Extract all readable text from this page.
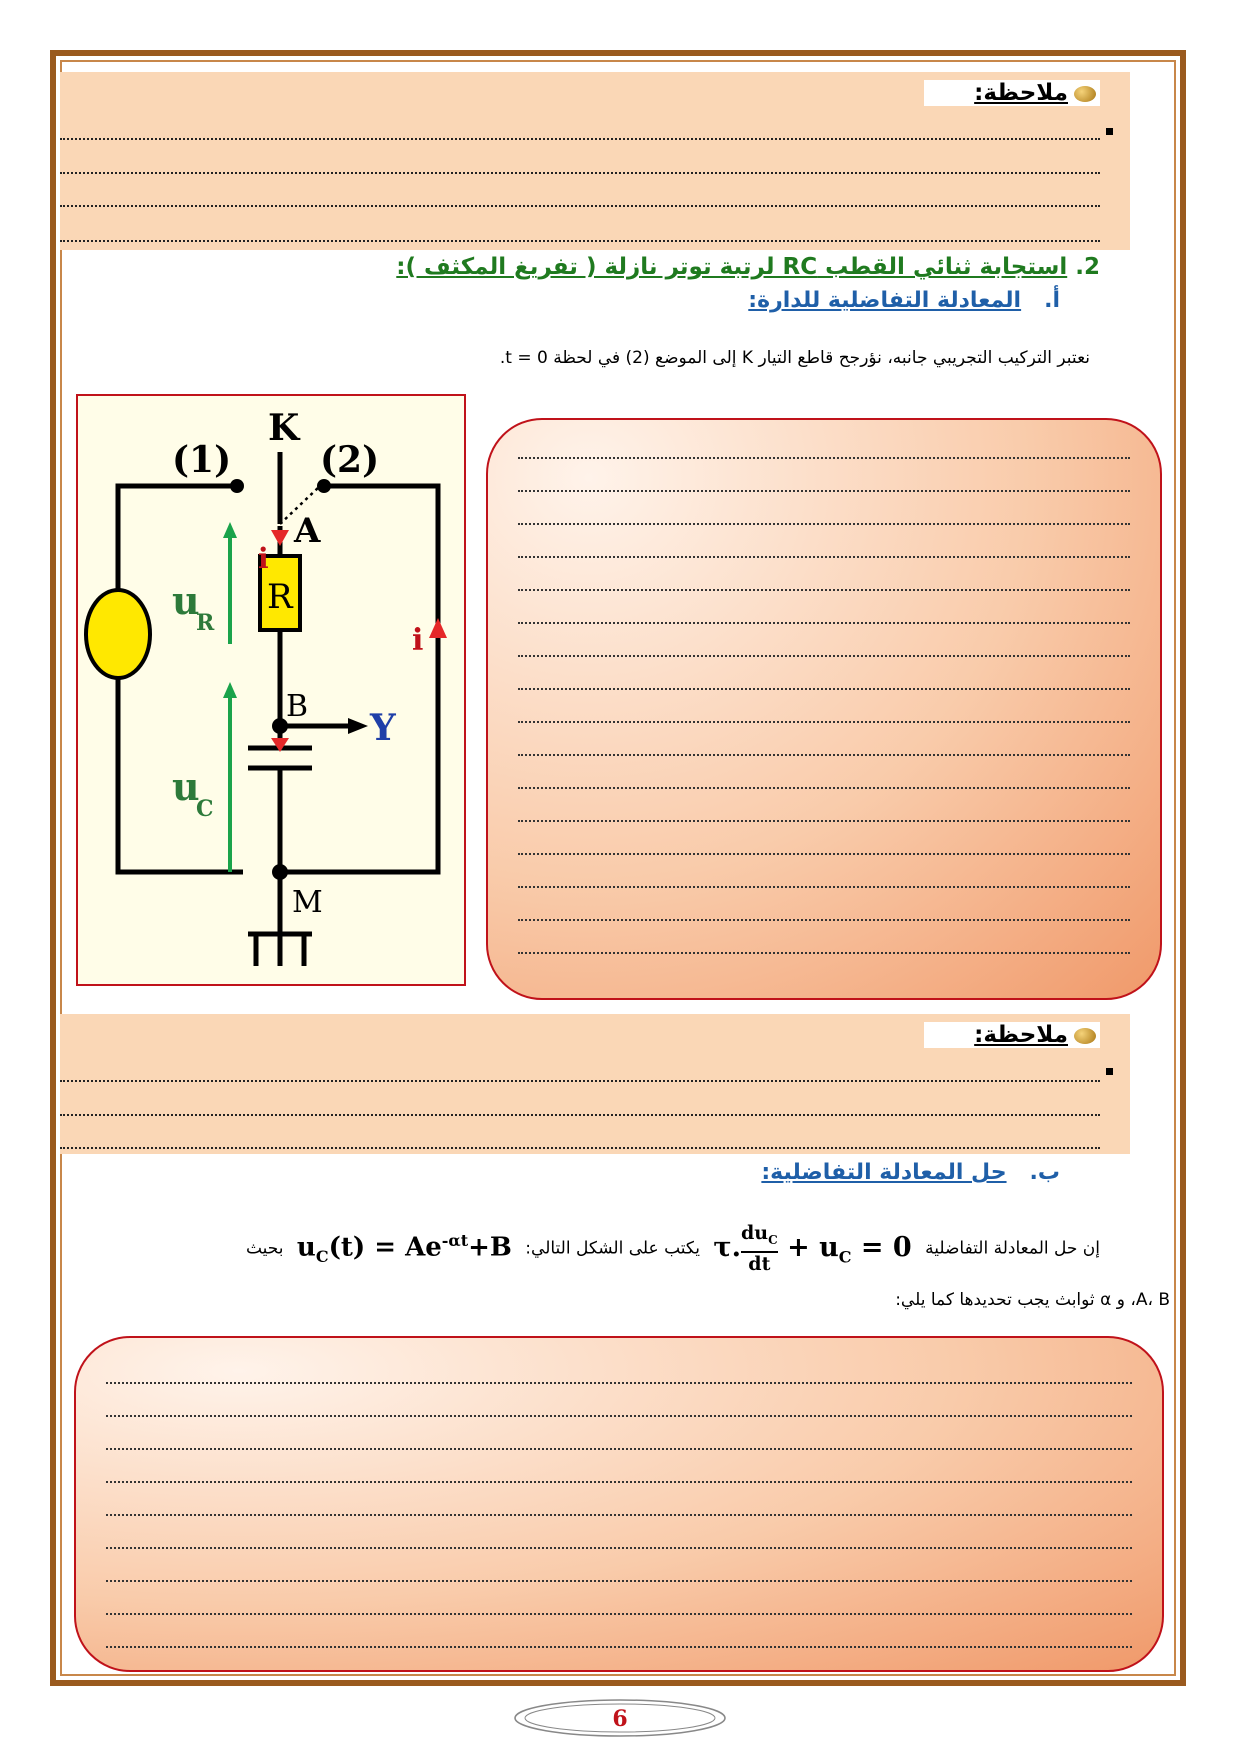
ملاحظة:
2. استجابة ثنائي القطب RC لرتبة توتر نازلة ( تفريغ المكثف ):
أ.   المعادلة التفاضلية للدارة:
نعتبر التركيب التجريبي جانبه، نؤرجح قاطع التيار K إلى الموضع (2) في لحظة t = 0.
(1) (2)
K
A
i
u
R
R
B
Y
u
C
M
i
ملاحظة:
ب.   حل المعادلة التفاضلية:
إن حل المعادلة التفاضلية τ. $du_C$
dt
+ $u_C = 0$ يكتب على الشكل التالي: $u_C(t) = Ae^{-\alpha t}+B$ بحيث
A، B، و α ثوابث يجب تحديدها كما يلي:
6
